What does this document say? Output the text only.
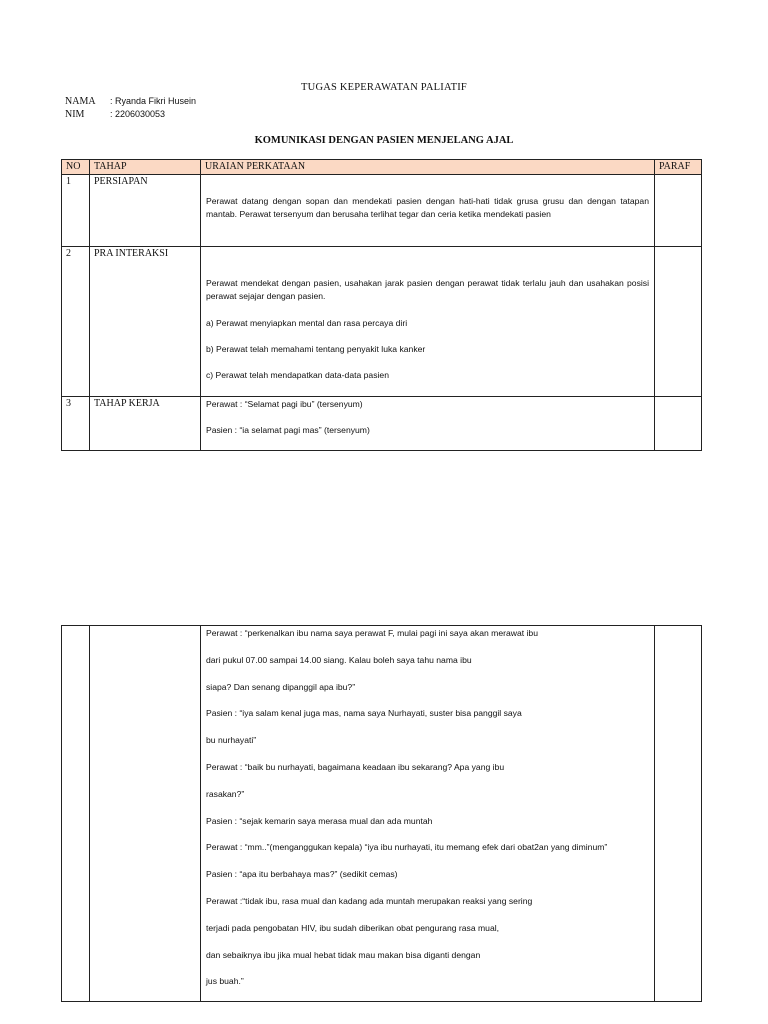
TUGAS KEPERAWATAN PALIATIF
NAMA : Ryanda Fikri Husein
NIM	: 2206030053
KOMUNIKASI DENGAN PASIEN MENJELANG AJAL
NO	TAHAP	URAIAN PERKATAAN	PARAF
1	PERSIAPAN	Perawat datang dengan sopan dan mendekati pasien dengan hati-hati tidak grusa grusu dan dengan tatapan mantab. Perawat tersenyum dan berusaha terlihat tegar dan ceria ketika mendekati pasien	

2	PRA INTERAKSI	Perawat mendekat dengan pasien, usahakan jarak pasien dengan perawat tidak terlalu jauh dan usahakan posisi perawat sejajar dengan pasien.

a) Perawat menyiapkan mental dan rasa percaya diri

b) Perawat telah memahami tentang penyakit luka kanker

c) Perawat telah mendapatkan data-data pasien	

3	TAHAP KERJA	Perawat : “Selamat pagi ibu” (tersenyum)

Pasien : “ia selamat pagi mas” (tersenyum)	

Perawat : “perkenalkan ibu nama saya perawat F, mulai pagi ini saya akan merawat ibu

dari pukul 07.00 sampai 14.00 siang. Kalau boleh saya tahu nama ibu

siapa? Dan senang dipanggil apa ibu?”

Pasien : “iya salam kenal juga mas, nama saya Nurhayati, suster bisa panggil saya

bu nurhayati”

Perawat : “baik bu nurhayati, bagaimana keadaan ibu sekarang? Apa yang ibu

rasakan?”

Pasien : “sejak kemarin saya merasa mual dan ada muntah

Perawat : “mm..”(menganggukan kepala) “iya ibu nurhayati, itu memang efek dari obat2an yang diminum”

Pasien : “apa itu berbahaya mas?” (sedikit cemas)

Perawat :“tidak ibu, rasa mual dan kadang ada muntah merupakan reaksi yang sering

terjadi pada pengobatan HIV, ibu sudah diberikan obat pengurang rasa mual,

dan sebaiknya ibu jika mual hebat tidak mau makan bisa diganti dengan

jus buah.”
